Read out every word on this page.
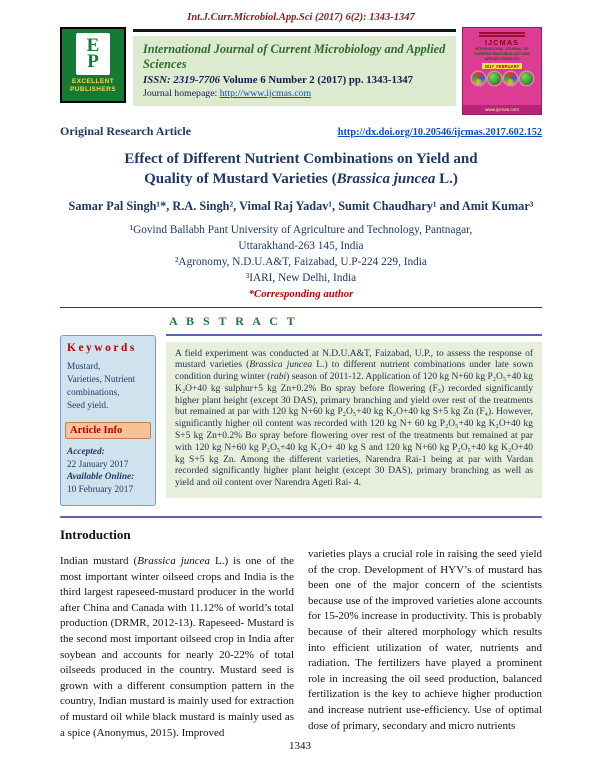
Int.J.Curr.Microbiol.App.Sci (2017) 6(2): 1343-1347
E
P
EXCELLENT PUBLISHERS
International Journal of Current Microbiology and Applied Sciences
ISSN: 2319-7706 Volume 6 Number 2 (2017) pp. 1343-1347
Journal homepage: http://www.ijcmas.com
IJCMAS
INTERNATIONAL JOURNAL OF
CURRENT MICROBIOLOGY AND
APPLIED SCIENCES
2017_FEBRUARY
www.ijcmas.com
Original Research Article	http://dx.doi.org/10.20546/ijcmas.2017.602.152
Effect of Different Nutrient Combinations on Yield and
Quality of Mustard Varieties (Brassica juncea L.)
Samar Pal Singh¹*, R.A. Singh², Vimal Raj Yadav¹, Sumit Chaudhary¹ and Amit Kumar³
¹Govind Ballabh Pant University of Agriculture and Technology, Pantnagar,
Uttarakhand-263 145, India
²Agronomy, N.D.U.A&T, Faizabad, U.P-224 229, India
³IARI, New Delhi, India
*Corresponding author
Keywords
Mustard,
Varieties, Nutrient
combinations,
Seed yield.
Article Info
Accepted:
22 January 2017
Available Online:
10 February 2017
A B S T R A C T
A field experiment was conducted at N.D.U.A&T, Faizabad, U.P., to assess the response of mustard varieties (Brassica juncea L.) to different nutrient combinations under late sown condition during winter (rabi) season of 2011-12. Application of 120 kg N+60 kg P₂O₅+40 kg K₂O+40 kg sulphur+5 kg Zn+0.2% Bo spray before flowering (F₅) recorded significantly higher plant height (except 30 DAS), primary branching and yield over rest of the treatments but remained at par with 120 kg N+60 kg P₂O₅+40 kg K₂O+40 kg S+5 kg Zn (F₄). However, significantly higher oil content was recorded with 120 kg N+ 60 kg P₂O₅+40 kg K₂O+40 kg S+5 kg Zn+0.2% Bo spray before flowering over rest of the treatments but remained at par with 120 kg N+60 kg P₂O₅+40 kg K₂O+ 40 kg S and 120 kg N+60 kg P₂O₅+40 kg K₂O+40 kg S+5 kg Zn. Among the different varieties, Narendra Rai-1 being at par with Vardan recorded significantly higher plant height (except 30 DAS), primary branching as well as yield and oil content over Narendra Ageti Rai- 4.
Introduction
Indian mustard (Brassica juncea L.) is one of the most important winter oilseed crops and India is the third largest rapeseed-mustard producer in the world after China and Canada with 11.12% of world’s total production (DRMR, 2012-13). Rapeseed- Mustard is the second most important oilseed crop in India after soybean and accounts for nearly 20-22% of total oilseeds produced in the country. Mustard seed is grown with a different consumption pattern in the country, Indian mustard is mainly used for extraction of mustard oil while black mustard is mainly used as a spice (Anonymus, 2015). Improved
varieties plays a crucial role in raising the seed yield of the crop. Development of HYV’s of mustard has been one of the major concern of the scientists because use of the improved varieties alone accounts for 15-20% increase in productivity. This is probably because of their altered morphology which results into efficient utilization of water, nutrients and radiation. The fertilizers have played a prominent role in increasing the oil seed production, balanced fertilization is the key to achieve higher production and increase nutrient use-efficiency. Use of optimal dose of primary, secondary and micro nutrients
1343
